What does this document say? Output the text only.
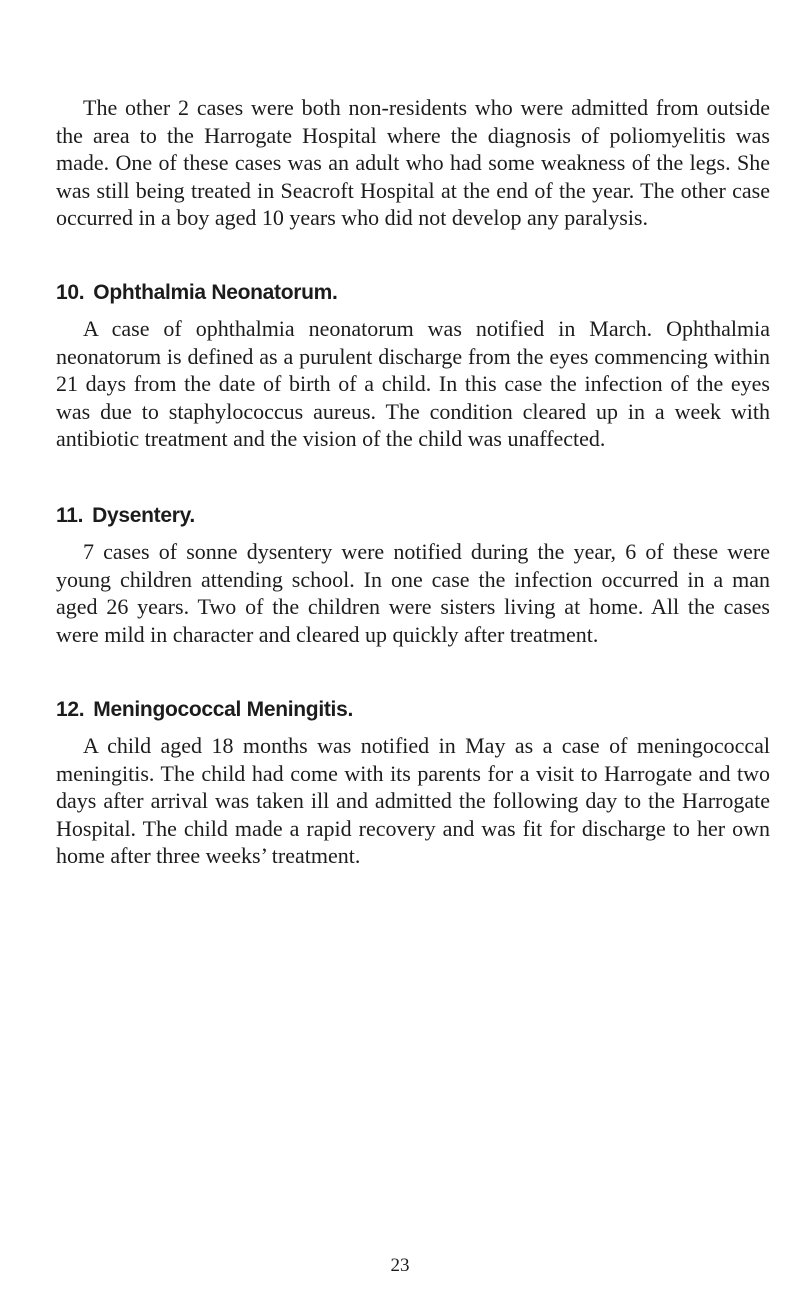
The other 2 cases were both non-residents who were admitted from outside the area to the Harrogate Hospital where the diagnosis of poliomyelitis was made. One of these cases was an adult who had some weakness of the legs. She was still being treated in Seacroft Hospital at the end of the year. The other case occurred in a boy aged 10 years who did not develop any paralysis.

10. Ophthalmia Neonatorum.

A case of ophthalmia neonatorum was notified in March. Ophthalmia neonatorum is defined as a purulent discharge from the eyes commencing within 21 days from the date of birth of a child. In this case the infection of the eyes was due to staphylococcus aureus. The condition cleared up in a week with antibiotic treatment and the vision of the child was unaffected.

11. Dysentery.

7 cases of sonne dysentery were notified during the year, 6 of these were young children attending school. In one case the infection occurred in a man aged 26 years. Two of the children were sisters living at home. All the cases were mild in character and cleared up quickly after treatment.

12. Meningococcal Meningitis.

A child aged 18 months was notified in May as a case of meningococcal meningitis. The child had come with its parents for a visit to Harrogate and two days after arrival was taken ill and admitted the following day to the Harrogate Hospital. The child made a rapid recovery and was fit for discharge to her own home after three weeks’ treatment.

23
